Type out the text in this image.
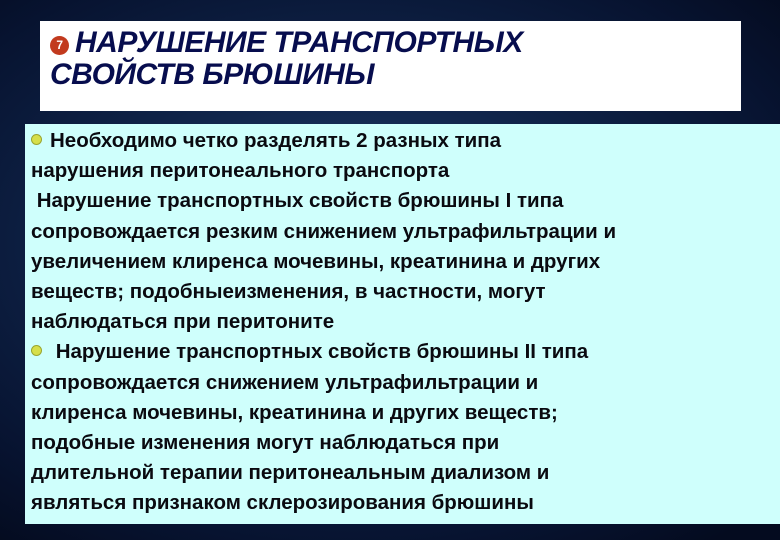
7 НАРУШЕНИЕ ТРАНСПОРТНЫХ
СВОЙСТВ БРЮШИНЫ
Необходимо четко разделять 2 разных типа
нарушения перитонеального транспорта
Нарушение транспортных свойств брюшины I типа
сопровождается резким снижением ультрафильтрации и
увеличением клиренса мочевины, креатинина и других
веществ; подобныеизменения, в частности, могут
наблюдаться при перитоните
Нарушение транспортных свойств брюшины II типа
сопровождается снижением ультрафильтрации и
клиренса мочевины, креатинина и других веществ;
подобные изменения могут наблюдаться при
длительной терапии перитонеальным диализом и
являться признаком склерозирования брюшины
